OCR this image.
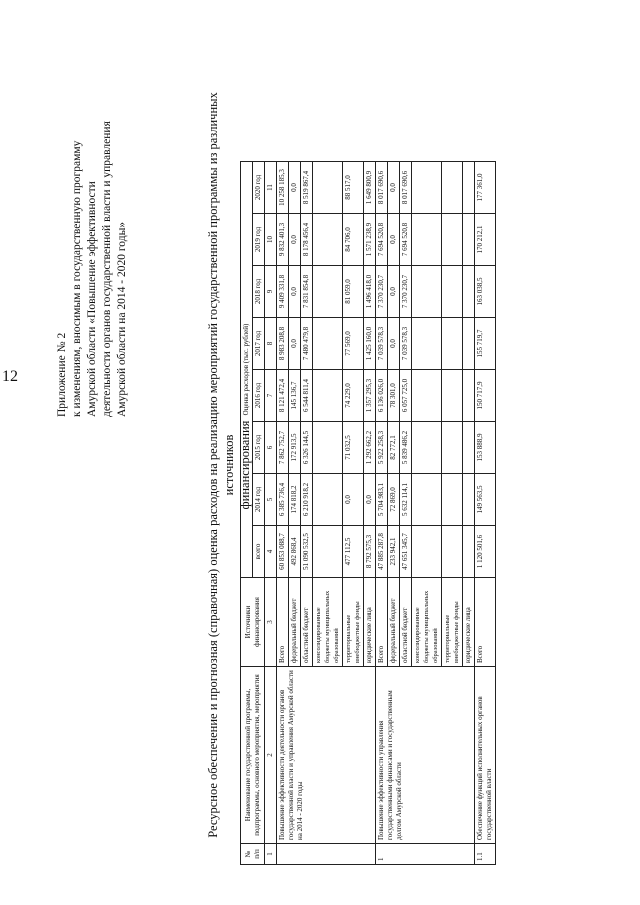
12	Приложение № 2 к изменениям, вносимым в государственную программу Амурской области «Повышение эффективности деятельности органов государственной власти и управления Амурской области на 2014 - 2020 годы»	Ресурсное обеспечение и прогнозная (справочная) оценка расходов на реализацию мероприятий государственной программы из различных источников финансирования
№ п/п	Наименование государственной программы, подпрограммы, основного мероприятия, мероприятия	Источники финансирования	Оценка расходов (тыс. рублей)							
			всего	2014 год	2015 год	2016 год	2017 год	2018 год	2019 год	2020 год
1	2	3	4	5	6	7	8	9	10	11
	Повышение эффективности деятельности органов государственной власти и управления Амурской области на 2014 - 2020 годы	Всего	60 853 088,7	6 385 736,4	7 862 752,7	8 121 472,4	8 983 208,8	9 409 331,8	9 832 401,3	10 258 185,3
		федеральный бюджет	492 868,4	174 818,2	172 913,5	145 136,7	0,0	0,0	0,0	0,0
		областной бюджет	51 090 532,5	6 210 918,2	6 326 144,5	6 544 811,4	7 480 479,8	7 831 854,8	8 178 456,4	8 519 867,4
		консолидированные бюджеты муниципальных образований								
		территориальные внебюджетные фонды	477 112,5	0,0	71 032,5	74 229,0	77 569,0	81 059,0	84 706,0	88 517,0
		юридические лица	8 792 575,3	0,0	1 292 662,2	1 357 295,3	1 425 160,0	1 496 418,0	1 571 238,9	1 649 800,9
1	Повышение эффективности управления государственными финансами и государственным долгом Амурской области	Всего	47 885 287,8	5 704 983,1	5 922 258,3	6 136 026,0	7 039 578,3	7 370 230,7	7 694 520,8	8 017 690,6
		федеральный бюджет	233 942,1	72 869,0	82 772,1	78 301,0	0,0	0,0	0,0	0,0
		областной бюджет	47 651 345,7	5 632 114,1	5 839 486,2	6 057 725,0	7 039 578,3	7 370 230,7	7 694 520,8	8 017 690,6
		консолидированные бюджеты муниципальных образований								
		территориальные внебюджетные фонды								
		юридические лица								
1.1	Обеспечение функций исполнительных органов государственной власти	Всего	1 120 501,6	149 563,5	153 888,9	150 717,9	155 719,7	163 038,5	170 212,1	177 361,0
